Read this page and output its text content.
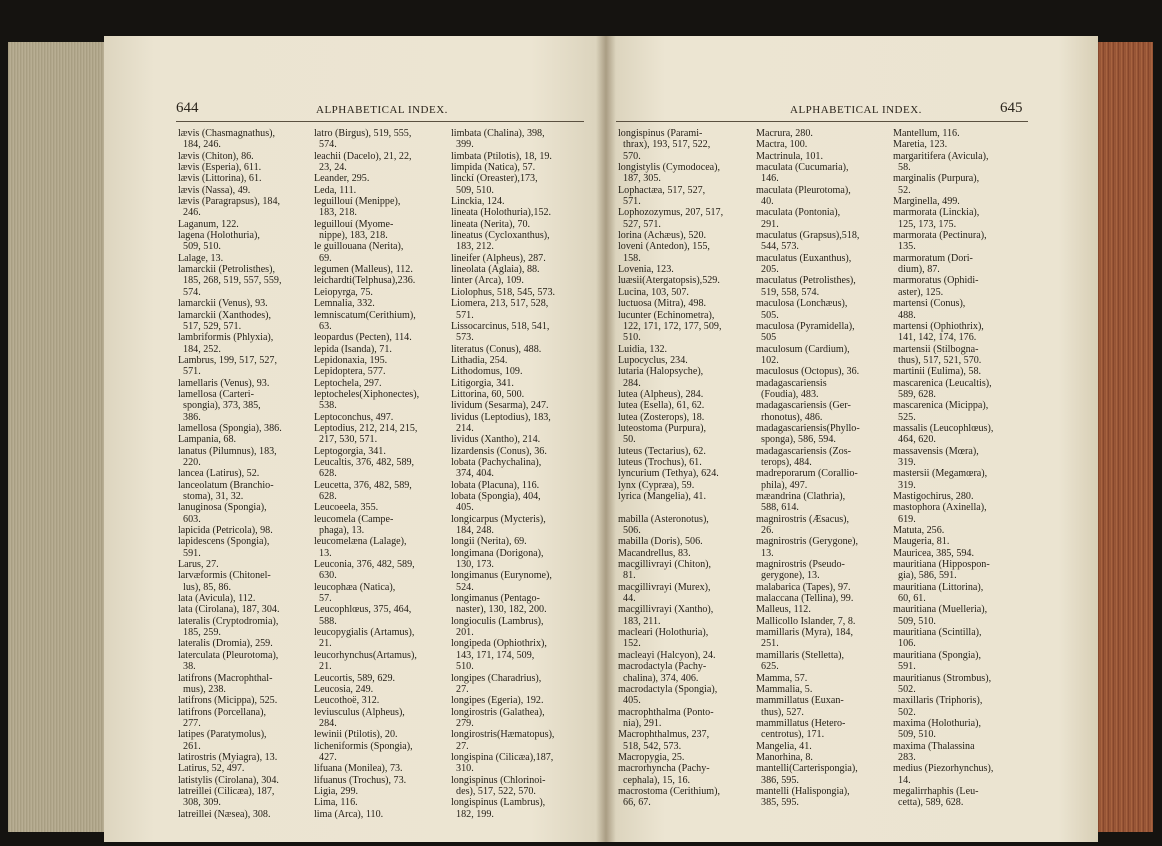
644	ALPHABETICAL INDEX.	ALPHABETICAL INDEX.	645
lævis (Chasmagnathus),
184, 246.
lævis (Chiton), 86.
lævis (Esperia), 611.
lævis (Littorina), 61.
lævis (Nassa), 49.
lævis (Paragrapsus), 184,
246.
Laganum, 122.
lagena (Holothuria),
509, 510.
Lalage, 13.
lamarckii (Petrolisthes),
185, 268, 519, 557, 559,
574.
lamarckii (Venus), 93.
lamarckii (Xanthodes),
517, 529, 571.
lambriformis (Phlyxia),
184, 252.
Lambrus, 199, 517, 527,
571.
lamellaris (Venus), 93.
lamellosa (Carteri-
spongia), 373, 385,
386.
lamellosa (Spongia), 386.
Lampania, 68.
lanatus (Pilumnus), 183,
220.
lancea (Latirus), 52.
lanceolatum (Branchio-
stoma), 31, 32.
lanuginosa (Spongia),
603.
lapicida (Petricola), 98.
lapidescens (Spongia),
591.
Larus, 27.
larvæformis (Chitonel-
lus), 85, 86.
lata (Avicula), 112.
lata (Cirolana), 187, 304.
lateralis (Cryptodromia),
185, 259.
lateralis (Dromia), 259.
laterculata (Pleurotoma),
38.
latifrons (Macrophthal-
mus), 238.
latifrons (Micippa), 525.
latifrons (Porcellana),
277.
latipes (Paratymolus),
261.
latirostris (Myiagra), 13.
Latirus, 52, 497.
latistylis (Cirolana), 304.
latreillei (Cilicæa), 187,
308, 309.
latreillei (Næsea), 308.
latro (Birgus), 519, 555,
574.
leachii (Dacelo), 21, 22,
23, 24.
Leander, 295.
Leda, 111.
leguillouí (Menippe),
183, 218.
leguillouí (Myome-
nippe), 183, 218.
le guillouana (Nerita),
69.
legumen (Malleus), 112.
leichardti(Telphusa),236.
Leiopyrga, 75.
Lemnalia, 332.
lemniscatum(Cerithium),
63.
leopardus (Pecten), 114.
lepida (Isanda), 71.
Lepidonaxia, 195.
Lepidoptera, 577.
Leptochela, 297.
leptocheles(Xiphonectes),
538.
Leptoconchus, 497.
Leptodius, 212, 214, 215,
217, 530, 571.
Leptogorgia, 341.
Leucaltis, 376, 482, 589,
628.
Leucetta, 376, 482, 589,
628.
Leucoeela, 355.
leucomela (Campe-
phaga), 13.
leucomelæna (Lalage),
13.
Leuconia, 376, 482, 589,
630.
leucophæa (Natica),
57.
Leucophlœus, 375, 464,
588.
leucopygialis (Artamus),
21.
leucorhynchus(Artamus),
21.
Leucortis, 589, 629.
Leucosia, 249.
Leucothoë, 312.
leviusculus (Alpheus),
284.
lewinii (Ptilotis), 20.
licheniformis (Spongia),
427.
lifuana (Monilea), 73.
lifuanus (Trochus), 73.
Ligia, 299.
Lima, 116.
lima (Arca), 110.
limbata (Chalina), 398,
399.
limbata (Ptilotis), 18, 19.
limpida (Natica), 57.
linckí (Oreaster),173,
509, 510.
Linckia, 124.
lineata (Holothuria),152.
lineata (Nerita), 70.
lineatus (Cycloxanthus),
183, 212.
lineifer (Alpheus), 287.
lineolata (Aglaia), 88.
linter (Arca), 109.
Liolophus, 518, 545, 573.
Liomera, 213, 517, 528,
571.
Lissocarcinus, 518, 541,
573.
literatus (Conus), 488.
Lithadia, 254.
Lithodomus, 109.
Litigorgia, 341.
Littorina, 60, 500.
lividum (Sesarma), 247.
lividus (Leptodius), 183,
214.
lividus (Xantho), 214.
lizardensis (Conus), 36.
lobata (Pachychalina),
374, 404.
lobata (Placuna), 116.
lobata (Spongia), 404,
405.
longicarpus (Mycteris),
184, 248.
longii (Nerita), 69.
longimana (Dorigona),
130, 173.
longimanus (Eurynome),
524.
longimanus (Pentago-
naster), 130, 182, 200.
longioculis (Lambrus),
201.
longipeda (Ophiothrix),
143, 171, 174, 509,
510.
longipes (Charadrius),
27.
longipes (Egeria), 192.
longirostris (Galathea),
279.
longirostris(Hæmatopus),
27.
longispina (Cilicæa),187,
310.
longispinus (Chlorinoi-
des), 517, 522, 570.
longispinus (Lambrus),
182, 199.
longispinus (Parami-
thrax), 193, 517, 522,
570.
longistylis (Cymodocea),
187, 305.
Lophactæa, 517, 527,
571.
Lophozozymus, 207, 517,
527, 571.
lorina (Achæus), 520.
loveni (Antedon), 155,
158.
Lovenia, 123.
luæsii(Atergatopsis),529.
Lucina, 103, 507.
luctuosa (Mitra), 498.
lucunter (Echinometra),
122, 171, 172, 177, 509,
510.
Luidia, 132.
Lupocyclus, 234.
lutaria (Halopsyche),
284.
lutea (Alpheus), 284.
lutea (Esella), 61, 62.
lutea (Zosterops), 18.
luteostoma (Purpura),
50.
luteus (Tectarius), 62.
luteus (Trochus), 61.
lyncurium (Tethya), 624.
lynx (Cypræa), 59.
lyrica (Mangelia), 41.
mabilla (Asteronotus),
506.
mabilla (Doris), 506.
Macandrellus, 83.
macgillivrayi (Chiton),
81.
macgillivrayi (Murex),
44.
macgillivrayi (Xantho),
183, 211.
macleari (Holothuria),
152.
macleayi (Halcyon), 24.
macrodactyla (Pachy-
chalina), 374, 406.
macrodactyla (Spongia),
405.
macrophthalma (Ponto-
nia), 291.
Macrophthalmus, 237,
518, 542, 573.
Macropygia, 25.
macrorhyncha (Pachy-
cephala), 15, 16.
macrostoma (Cerithium),
66, 67.
Macrura, 280.
Mactra, 100.
Mactrinula, 101.
maculata (Cucumaria),
146.
maculata (Pleurotoma),
40.
maculata (Pontonia),
291.
maculatus (Grapsus),518,
544, 573.
maculatus (Euxanthus),
205.
maculatus (Petrolisthes),
519, 558, 574.
maculosa (Lonchæus),
505.
maculosa (Pyramidella),
505
maculosum (Cardium),
102.
maculosus (Octopus), 36.
madagascariensis
(Foudia), 483.
madagascariensis (Ger-
rhonotus), 486.
madagascariensis(Phyllo-
sponga), 586, 594.
madagascariensis (Zos-
terops), 484.
madreporarum (Corallio-
phila), 497.
mæandrina (Clathria),
588, 614.
magnirostris (Æsacus),
26.
magnirostris (Gerygone),
13.
magnirostris (Pseudo-
gerygone), 13.
malabarica (Tapes), 97.
malaccana (Tellina), 99.
Malleus, 112.
Mallicollo Islander, 7, 8.
mamillaris (Myra), 184,
251.
mamillaris (Stelletta),
625.
Mamma, 57.
Mammalia, 5.
mammillatus (Euxan-
thus), 527.
mammillatus (Hetero-
centrotus), 171.
Mangelia, 41.
Manorhina, 8.
mantelli(Carterispongia),
386, 595.
mantelli (Halispongia),
385, 595.
Mantellum, 116.
Maretia, 123.
margaritifera (Avicula),
58.
marginalis (Purpura),
52.
Marginella, 499.
marmorata (Linckia),
125, 173, 175.
marmorata (Pectinura),
135.
marmoratum (Dori-
dium), 87.
marmoratus (Ophidi-
aster), 125.
martensi (Conus),
488.
martensi (Ophiothrix),
141, 142, 174, 176.
martensii (Stilbogna-
thus), 517, 521, 570.
martinii (Eulima), 58.
mascarenica (Leucaltis),
589, 628.
mascarenica (Micippa),
525.
massalis (Leucophlœus),
464, 620.
massavensis (Mœra),
319.
mastersii (Megamœra),
319.
Mastigochirus, 280.
mastophora (Axinella),
619.
Matuta, 256.
Maugeria, 81.
Mauricea, 385, 594.
mauritiana (Hippospon-
gia), 586, 591.
mauritiana (Littorina),
60, 61.
mauritiana (Muelleria),
509, 510.
mauritiana (Scintilla),
106.
mauritiana (Spongia),
591.
mauritianus (Strombus),
502.
maxillaris (Triphoris),
502.
maxima (Holothuria),
509, 510.
maxima (Thalassina
283.
medius (Piezorhynchus),
14.
megalirrhaphis (Leu-
cetta), 589, 628.
